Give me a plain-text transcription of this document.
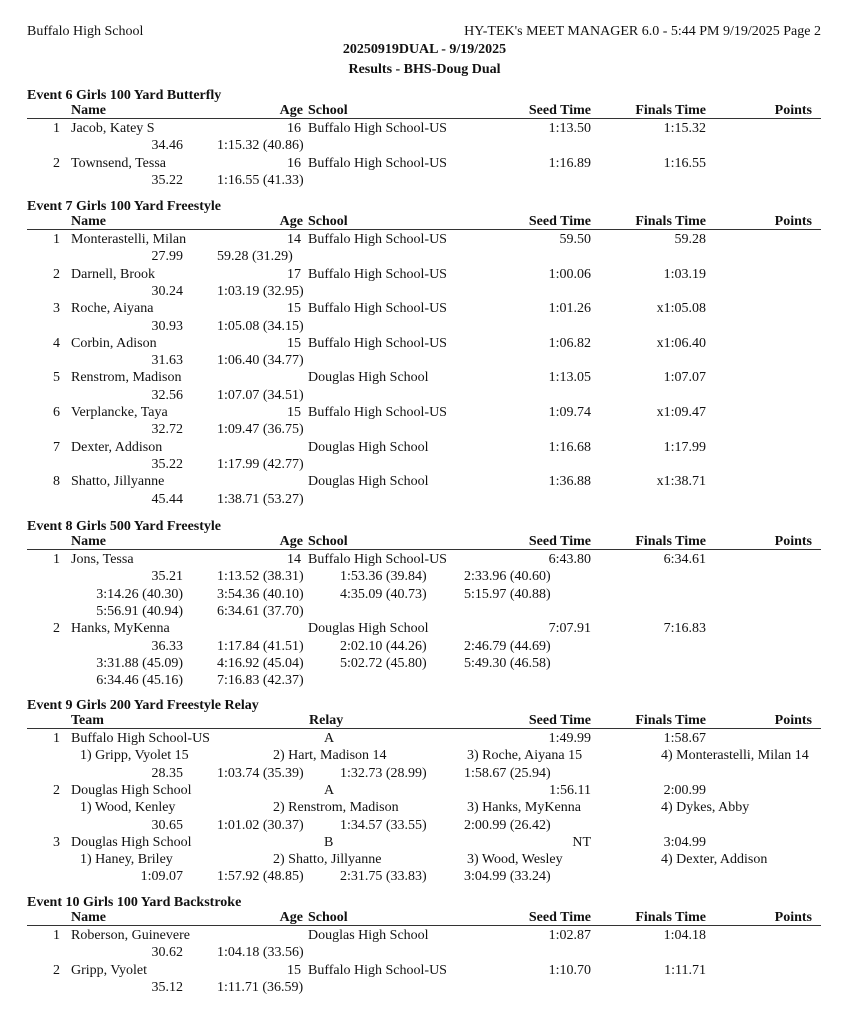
Buffalo High School	HY-TEK's MEET MANAGER 6.0 - 5:44 PM 9/19/2025 Page 2
20250919DUAL - 9/19/2025
Results - BHS-Doug Dual
Event 6 Girls 100 Yard Butterfly
Name	Age School	Seed Time	Finals Time	Points
1 Jacob, Katey S	16 Buffalo High School-US	1:13.50	1:15.32
34.46 1:15.32 (40.86)
2 Townsend, Tessa	16 Buffalo High School-US	1:16.89	1:16.55
35.22 1:16.55 (41.33)
Event 7 Girls 100 Yard Freestyle
Name	Age School	Seed Time	Finals Time	Points
1 Monterastelli, Milan	14 Buffalo High School-US	59.50	59.28
27.99 59.28 (31.29)
2 Darnell, Brook	17 Buffalo High School-US	1:00.06	1:03.19
30.24 1:03.19 (32.95)
3 Roche, Aiyana	15 Buffalo High School-US	1:01.26	x1:05.08
30.93 1:05.08 (34.15)
4 Corbin, Adison	15 Buffalo High School-US	1:06.82	x1:06.40
31.63 1:06.40 (34.77)
5 Renstrom, Madison	Douglas High School	1:13.05	1:07.07
32.56 1:07.07 (34.51)
6 Verplancke, Taya	15 Buffalo High School-US	1:09.74	x1:09.47
32.72 1:09.47 (36.75)
7 Dexter, Addison	Douglas High School	1:16.68	1:17.99
35.22 1:17.99 (42.77)
8 Shatto, Jillyanne	Douglas High School	1:36.88	x1:38.71
45.44 1:38.71 (53.27)
Event 8 Girls 500 Yard Freestyle
Name	Age School	Seed Time	Finals Time	Points
1 Jons, Tessa	14 Buffalo High School-US	6:43.80	6:34.61
35.21 1:13.52 (38.31)	1:53.36 (39.84)	2:33.96 (40.60)
3:14.26 (40.30) 3:54.36 (40.10)	4:35.09 (40.73)	5:15.97 (40.88)
5:56.91 (40.94) 6:34.61 (37.70)
2 Hanks, MyKenna	Douglas High School	7:07.91	7:16.83
36.33 1:17.84 (41.51)	2:02.10 (44.26)	2:46.79 (44.69)
3:31.88 (45.09) 4:16.92 (45.04)	5:02.72 (45.80)	5:49.30 (46.58)
6:34.46 (45.16) 7:16.83 (42.37)
Event 9 Girls 200 Yard Freestyle Relay
Team	Relay	Seed Time	Finals Time	Points
1 Buffalo High School-US	A	1:49.99	1:58.67
1) Gripp, Vyolet 15	2) Hart, Madison 14	3) Roche, Aiyana 15	4) Monterastelli, Milan 14
28.35 1:03.74 (35.39)	1:32.73 (28.99)	1:58.67 (25.94)
2 Douglas High School	A	1:56.11	2:00.99
1) Wood, Kenley	2) Renstrom, Madison	3) Hanks, MyKenna	4) Dykes, Abby
30.65 1:01.02 (30.37)	1:34.57 (33.55)	2:00.99 (26.42)
3 Douglas High School	B	NT	3:04.99
1) Haney, Briley	2) Shatto, Jillyanne	3) Wood, Wesley	4) Dexter, Addison
1:09.07 1:57.92 (48.85)	2:31.75 (33.83)	3:04.99 (33.24)
Event 10 Girls 100 Yard Backstroke
Name	Age School	Seed Time	Finals Time	Points
1 Roberson, Guinevere	Douglas High School	1:02.87	1:04.18
30.62 1:04.18 (33.56)
2 Gripp, Vyolet	15 Buffalo High School-US	1:10.70	1:11.71
35.12 1:11.71 (36.59)
